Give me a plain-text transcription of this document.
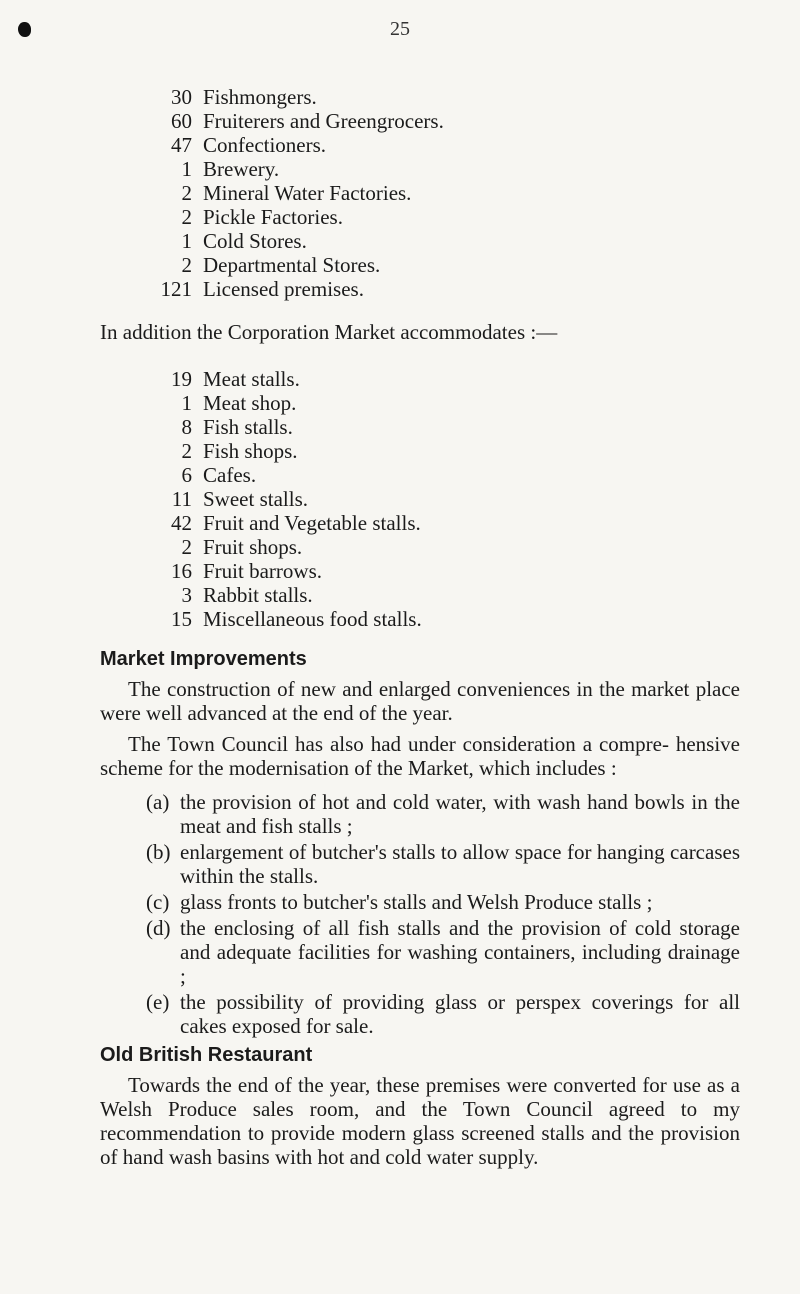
25
30 Fishmongers.
60 Fruiterers and Greengrocers.
47 Confectioners.
1 Brewery.
2 Mineral Water Factories.
2 Pickle Factories.
1 Cold Stores.
2 Departmental Stores.
121 Licensed premises.
In addition the Corporation Market accommodates :—
19 Meat stalls.
1 Meat shop.
8 Fish stalls.
2 Fish shops.
6 Cafes.
11 Sweet stalls.
42 Fruit and Vegetable stalls.
2 Fruit shops.
16 Fruit barrows.
3 Rabbit stalls.
15 Miscellaneous food stalls.
Market Improvements
The construction of new and enlarged conveniences in the market place were well advanced at the end of the year.
The Town Council has also had under consideration a compre- hensive scheme for the modernisation of the Market, which includes :
(a) the provision of hot and cold water, with wash hand bowls in the meat and fish stalls ;
(b) enlargement of butcher's stalls to allow space for hanging carcases within the stalls.
(c) glass fronts to butcher's stalls and Welsh Produce stalls ;
(d) the enclosing of all fish stalls and the provision of cold storage and adequate facilities for washing containers, including drainage ;
(e) the possibility of providing glass or perspex coverings for all cakes exposed for sale.
Old British Restaurant
Towards the end of the year, these premises were converted for use as a Welsh Produce sales room, and the Town Council agreed to my recommendation to provide modern glass screened stalls and the provision of hand wash basins with hot and cold water supply.
